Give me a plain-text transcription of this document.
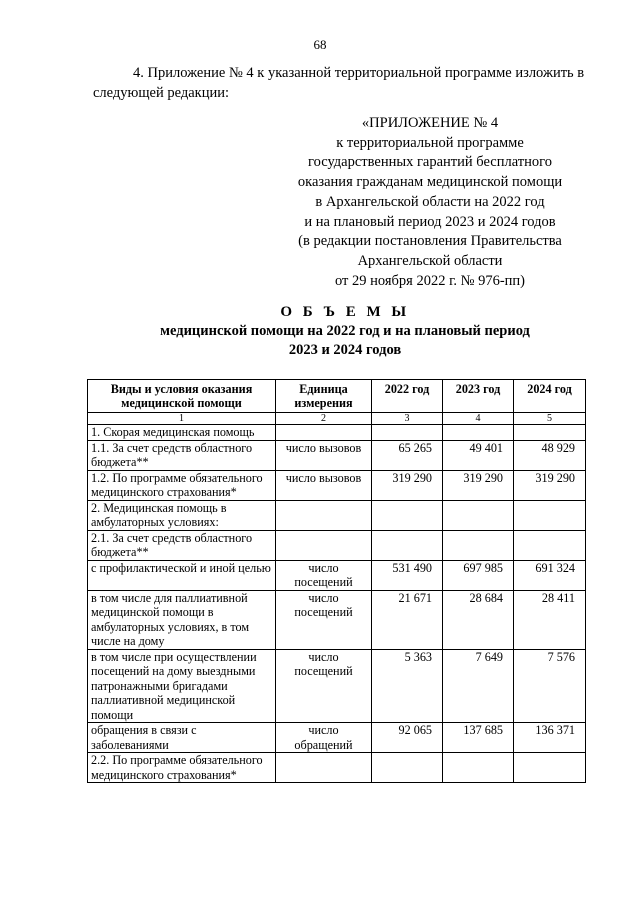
68

4. Приложение № 4 к указанной территориальной программе изложить в следующей редакции:

«ПРИЛОЖЕНИЕ № 4
к территориальной программе
государственных гарантий бесплатного
оказания гражданам медицинской помощи
в Архангельской области на 2022 год
и на плановый период 2023 и 2024 годов
(в редакции постановления Правительства
Архангельской области
от 29 ноября 2022 г. № 976-пп)
О Б Ъ Е М Ы
медицинской помощи на 2022 год и на плановый период
2023 и 2024 годов
Виды и условия оказания медицинской помощи	Единица измерения	2022 год	2023 год	2024 год
1	2	3	4	5
1. Скорая медицинская помощь				
1.1. За счет средств областного бюджета**	число вызовов	65 265	49 401	48 929
1.2. По программе обязательного медицинского страхования*	число вызовов	319 290	319 290	319 290
2. Медицинская помощь в амбулаторных условиях:				
2.1. За счет средств областного бюджета**				
с профилактической и иной целью	число посещений	531 490	697 985	691 324
в том числе для паллиативной медицинской помощи в амбулаторных условиях, в том числе на дому	число посещений	21 671	28 684	28 411
в том числе при осуществлении посещений на дому выездными патронажными бригадами паллиативной медицинской помощи	число посещений	5 363	7 649	7 576
обращения в связи с заболеваниями	число обращений	92 065	137 685	136 371
2.2. По программе обязательного медицинского страхования*				
